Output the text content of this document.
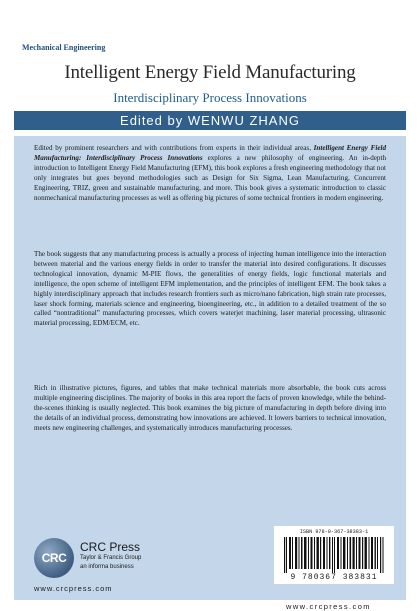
Mechanical Engineering
Intelligent Energy Field Manufacturing
Interdisciplinary Process Innovations
Edited by WENWU ZHANG
Edited by prominent researchers and with contributions from experts in their individual areas, Intelligent Energy Field Manufacturing: Interdisciplinary Process Innovations explores a new philosophy of engineering. An in-depth introduction to Intelligent Energy Field Manufacturing (EFM), this book explores a fresh engineering methodology that not only integrates but goes beyond methodologies such as Design for Six Sigma, Lean Manufacturing, Concurrent Engineering, TRIZ, green and sustainable manufacturing, and more. This book gives a systematic introduction to classic nonmechanical manufacturing processes as well as offering big pictures of some technical frontiers in modern engineering.
The book suggests that any manufacturing process is actually a process of injecting human intelligence into the interaction between material and the various energy fields in order to transfer the material into desired configurations. It discusses technological innovation, dynamic M-PIE flows, the generalities of energy fields, logic functional materials and intelligence, the open scheme of intelligent EFM implementation, and the principles of intelligent EFM. The book takes a highly interdisciplinary approach that includes research frontiers such as micro/nano fabrication, high strain rate processes, laser shock forming, materials science and engineering, bioengineering, etc., in addition to a detailed treatment of the so called “nontraditional” manufacturing processes, which covers waterjet machining, laser material processing, ultrasonic material processing, EDM/ECM, etc.
Rich in illustrative pictures, figures, and tables that make technical materials more absorbable, the book cuts across multiple engineering disciplines. The majority of books in this area report the facts of proven knowledge, while the behind-the-scenes thinking is usually neglected. This book examines the big picture of manufacturing in depth before diving into the details of an individual process, demonstrating how innovations are achieved. It lowers barriers to technical innovation, meets new engineering challenges, and systematically introduces manufacturing processes.
CRC
CRC Press
Taylor & Francis Group
an informa business
www.crcpress.com
ISBN 978-0-367-38383-1
9 780367 383831
www.crcpress.com
